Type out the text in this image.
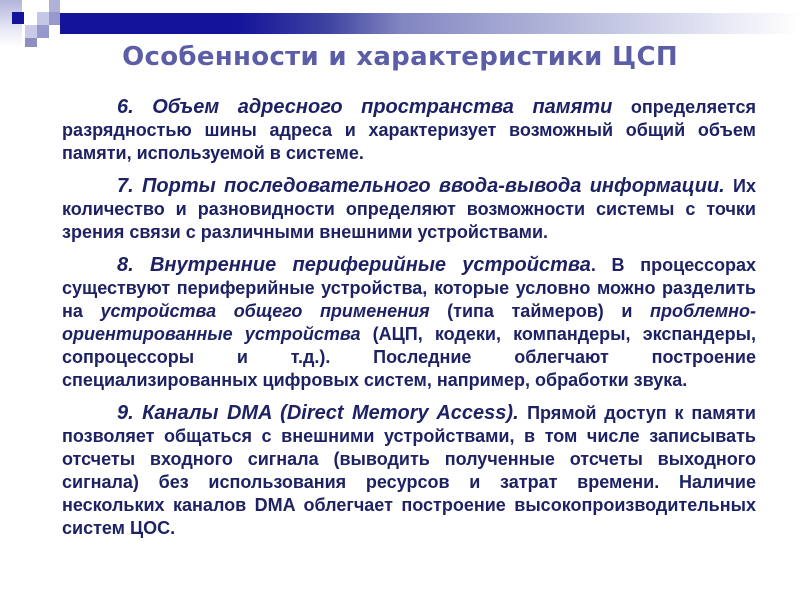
Особенности и характеристики ЦСП

6. Объем адресного пространства памяти определяется разрядностью шины адреса и характеризует возможный общий объем памяти, используемой в системе.

7. Порты последовательного ввода-вывода информации. Их количество и разновидности определяют возможности системы с точки зрения связи с различными внешними устройствами.

8. Внутренние периферийные устройства. В процессорах существуют периферийные устройства, которые условно можно разделить на устройства общего применения (типа таймеров) и проблемно-ориентированные устройства (АЦП, кодеки, компандеры, экспандеры, сопроцессоры и т.д.). Последние облегчают построение специализированных цифровых систем, например, обработки звука.

9. Каналы DMA (Direct Memory Access). Прямой доступ к памяти позволяет общаться с внешними устройствами, в том числе записывать отсчеты входного сигнала (выводить полученные отсчеты выходного сигнала) без использования ресурсов и затрат времени. Наличие нескольких каналов DMA облегчает построение высокопроизводительных систем ЦОС.
